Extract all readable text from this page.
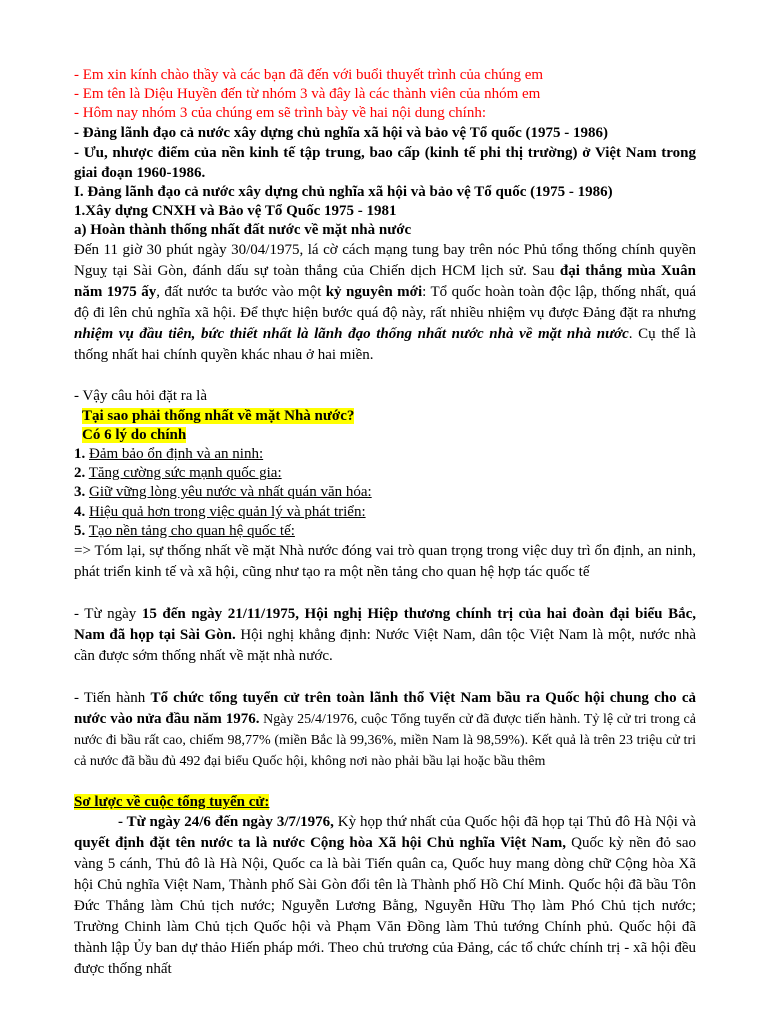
- Em xin kính chào thầy và các bạn đã đến với buổi thuyết trình của chúng em

- Em tên là Diệu Huyền đến từ nhóm 3 và đây là các thành viên của nhóm em

- Hôm nay nhóm 3 của chúng em sẽ trình bày về hai nội dung chính:

- Đảng lãnh đạo cả nước xây dựng chủ nghĩa xã hội và bảo vệ Tổ quốc (1975 - 1986)

- Ưu, nhược điểm của nền kinh tế tập trung, bao cấp (kinh tế phi thị trường) ở Việt Nam trong giai đoạn 1960-1986.

I. Đảng lãnh đạo cả nước xây dựng chủ nghĩa xã hội và bảo vệ Tổ quốc (1975 - 1986)

1.Xây dựng CNXH và Bảo vệ Tổ Quốc 1975 - 1981

a) Hoàn thành thống nhất đất nước về mặt nhà nước

Đến 11 giờ 30 phút ngày 30/04/1975, lá cờ cách mạng tung bay trên nóc Phủ tổng thống chính quyền Nguỵ tại Sài Gòn, đánh dấu sự toàn thắng của Chiến dịch HCM lịch sử. Sau đại thắng mùa Xuân năm 1975 ấy, đất nước ta bước vào một kỷ nguyên mới: Tổ quốc hoàn toàn độc lập, thống nhất, quá độ đi lên chủ nghĩa xã hội. Để thực hiện bước quá độ này, rất nhiều nhiệm vụ được Đảng đặt ra nhưng nhiệm vụ đầu tiên, bức thiết nhất là lãnh đạo thống nhất nước nhà về mặt nhà nước. Cụ thể là thống nhất hai chính quyền khác nhau ở hai miền.

- Vậy câu hỏi đặt ra là

Tại sao phải thống nhất về mặt Nhà nước?

Có 6 lý do chính

1. Đảm bảo ổn định và an ninh:

2. Tăng cường sức mạnh quốc gia:

3. Giữ vững lòng yêu nước và nhất quán văn hóa:

4. Hiệu quả hơn trong việc quản lý và phát triển:

5. Tạo nền tảng cho quan hệ quốc tế:

=> Tóm lại, sự thống nhất về mặt Nhà nước đóng vai trò quan trọng trong việc duy trì ổn định, an ninh, phát triển kinh tế và xã hội, cũng như tạo ra một nền tảng cho quan hệ hợp tác quốc tế

- Từ ngày 15 đến ngày 21/11/1975, Hội nghị Hiệp thương chính trị của hai đoàn đại biểu Bắc, Nam đã họp tại Sài Gòn. Hội nghị khẳng định: Nước Việt Nam, dân tộc Việt Nam là một, nước nhà cần được sớm thống nhất về mặt nhà nước.

- Tiến hành Tổ chức tổng tuyển cử trên toàn lãnh thổ Việt Nam bầu ra Quốc hội chung cho cả nước vào nửa đầu năm 1976. Ngày 25/4/1976, cuộc Tổng tuyển cử đã được tiến hành. Tỷ lệ cử tri trong cả nước đi bầu rất cao, chiếm 98,77% (miền Bắc là 99,36%, miền Nam là 98,59%). Kết quả là trên 23 triệu cử tri cả nước đã bầu đủ 492 đại biểu Quốc hội, không nơi nào phải bầu lại hoặc bầu thêm

Sơ lược về cuộc tổng tuyển cử:

- Từ ngày 24/6 đến ngày 3/7/1976, Kỳ họp thứ nhất của Quốc hội đã họp tại Thủ đô Hà Nội và quyết định đặt tên nước ta là nước Cộng hòa Xã hội Chủ nghĩa Việt Nam, Quốc kỳ nền đỏ sao vàng 5 cánh, Thủ đô là Hà Nội, Quốc ca là bài Tiến quân ca, Quốc huy mang dòng chữ Cộng hòa Xã hội Chủ nghĩa Việt Nam, Thành phố Sài Gòn đổi tên là Thành phố Hồ Chí Minh. Quốc hội đã bầu Tôn Đức Thắng làm Chủ tịch nước; Nguyễn Lương Bằng, Nguyễn Hữu Thọ làm Phó Chủ tịch nước; Trường Chinh làm Chủ tịch Quốc hội và Phạm Văn Đồng làm Thủ tướng Chính phủ. Quốc hội đã thành lập Ủy ban dự thảo Hiến pháp mới. Theo chủ trương của Đảng, các tổ chức chính trị - xã hội đều được thống nhất
